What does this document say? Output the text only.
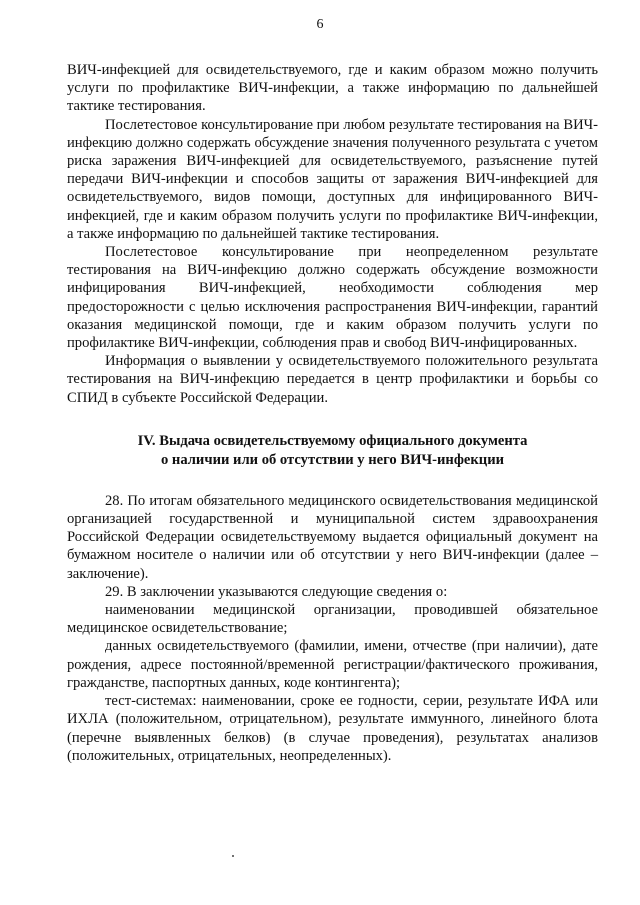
6

ВИЧ-инфекцией для освидетельствуемого, где и каким образом можно получить услуги по профилактике ВИЧ-инфекции, а также информацию по дальнейшей тактике тестирования.

Послетестовое консультирование при любом результате тестирования на ВИЧ-инфекцию должно содержать обсуждение значения полученного результата с учетом риска заражения ВИЧ-инфекцией для освидетельствуемого, разъяснение путей передачи ВИЧ-инфекции и способов защиты от заражения ВИЧ-инфекцией для освидетельствуемого, видов помощи, доступных для инфицированного ВИЧ-инфекцией, где и каким образом получить услуги по профилактике ВИЧ-инфекции, а также информацию по дальнейшей тактике тестирования.

Послетестовое консультирование при неопределенном результате тестирования на ВИЧ-инфекцию должно содержать обсуждение возможности инфицирования ВИЧ-инфекцией, необходимости соблюдения мер предосторожности с целью исключения распространения ВИЧ-инфекции, гарантий оказания медицинской помощи, где и каким образом получить услуги по профилактике ВИЧ-инфекции, соблюдения прав и свобод ВИЧ-инфицированных.

Информация о выявлении у освидетельствуемого положительного результата тестирования на ВИЧ-инфекцию передается в центр профилактики и борьбы со СПИД в субъекте Российской Федерации.

IV. Выдача освидетельствуемому официального документа
о наличии или об отсутствии у него ВИЧ-инфекции

28. По итогам обязательного медицинского освидетельствования медицинской организацией государственной и муниципальной систем здравоохранения Российской Федерации освидетельствуемому выдается официальный документ на бумажном носителе о наличии или об отсутствии у него ВИЧ-инфекции (далее – заключение).

29. В заключении указываются следующие сведения о:

наименовании медицинской организации, проводившей обязательное медицинское освидетельствование;

данных освидетельствуемого (фамилии, имени, отчестве (при наличии), дате рождения, адресе постоянной/временной регистрации/фактического проживания, гражданстве, паспортных данных, коде контингента);

тест-системах: наименовании, сроке ее годности, серии, результате ИФА или ИХЛА (положительном, отрицательном), результате иммунного, линейного блота (перечне выявленных белков) (в случае проведения), результатах анализов (положительных, отрицательных, неопределенных).
